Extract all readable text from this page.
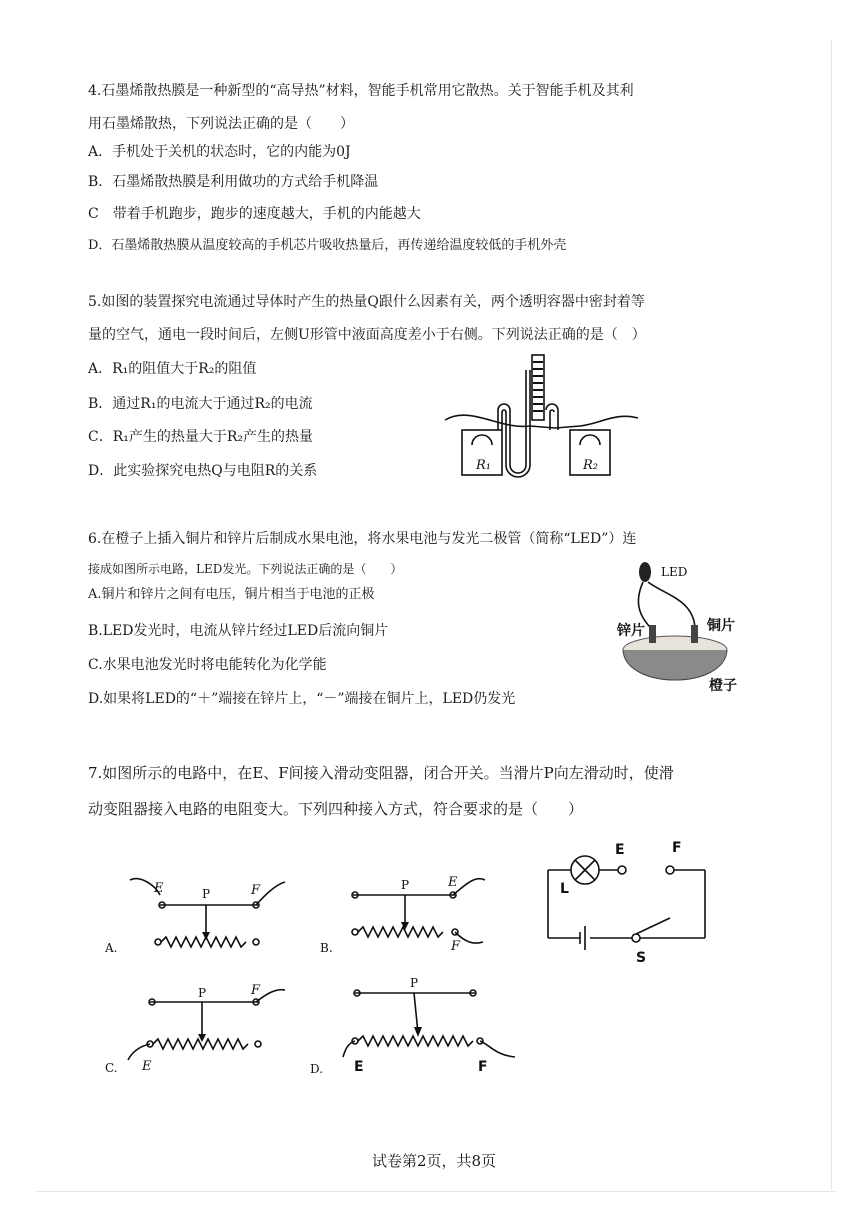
4.石墨烯散热膜是一种新型的“高导热”材料，智能手机常用它散热。关于智能手机及其利
用石墨烯散热，下列说法正确的是（　　）
A．手机处于关机的状态时，它的内能为0J
B．石墨烯散热膜是利用做功的方式给手机降温
C　带着手机跑步，跑步的速度越大，手机的内能越大
D．石墨烯散热膜从温度较高的手机芯片吸收热量后，再传递给温度较低的手机外壳
5.如图的装置探究电流通过导体时产生的热量Q跟什么因素有关，两个透明容器中密封着等
量的空气，通电一段时间后，左侧U形管中液面高度差小于右侧。下列说法正确的是（　）
A．R₁的阻值大于R₂的阻值
B．通过R₁的电流大于通过R₂的电流
C．R₁产生的热量大于R₂产生的热量
D．此实验探究电热Q与电阻R的关系	R₁	R₂
6.在橙子上插入铜片和锌片后制成水果电池，将水果电池与发光二极管（简称“LED”）连
接成如图所示电路，LED发光。下列说法正确的是（　　）
A.铜片和锌片之间有电压，铜片相当于电池的正极
B.LED发光时，电流从锌片经过LED后流向铜片
C.水果电池发光时将电能转化为化学能
D.如果将LED的“＋”端接在锌片上，“－”端接在铜片上，LED仍发光
LED
锌片	铜片
橙子
7.如图所示的电路中，在E、F间接入滑动变阻器，闭合开关。当滑片P向左滑动时，使滑
动变阻器接入电路的电阻变大。下列四种接入方式，符合要求的是（　　）
E	F
P
A.
E
P
F
B.
E	F
L
S
F
P
E
C.
P
E	F
D.
试卷第2页，共8页
